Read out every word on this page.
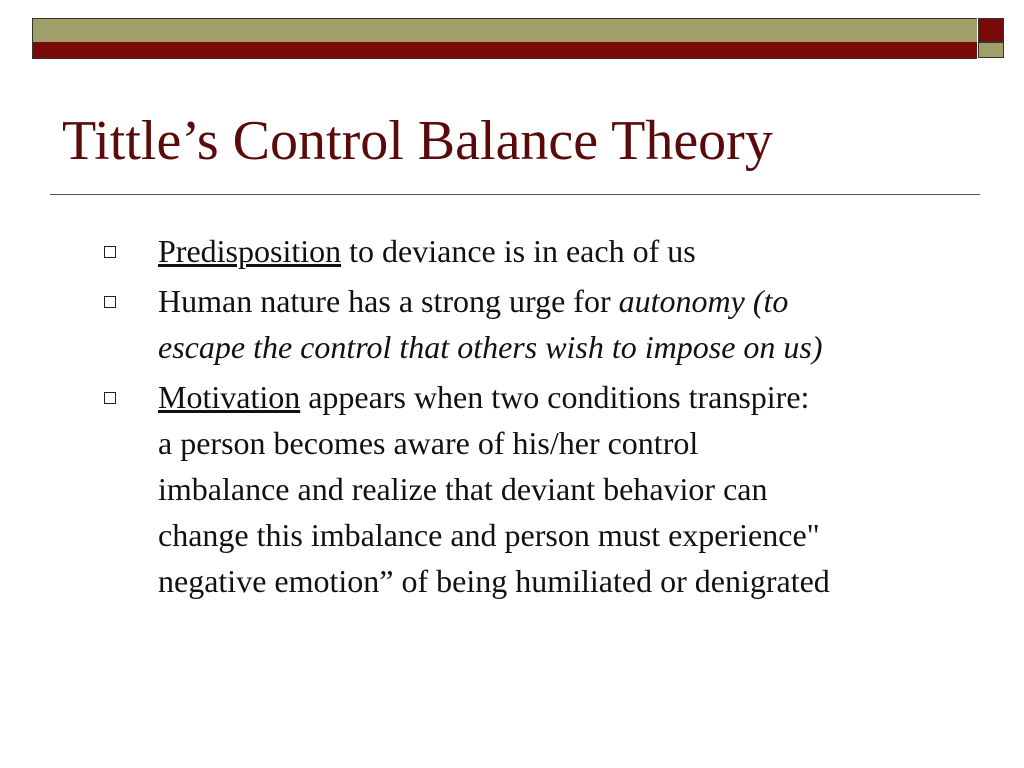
Tittle’s Control Balance Theory
Predisposition to deviance is in each of us
Human nature has a strong urge for autonomy (to
escape the control that others wish to impose on us)
Motivation appears when two conditions transpire:
a person becomes aware of his/her control
imbalance and realize that deviant behavior can
change this imbalance and person must experience"
negative emotion” of being humiliated or denigrated
